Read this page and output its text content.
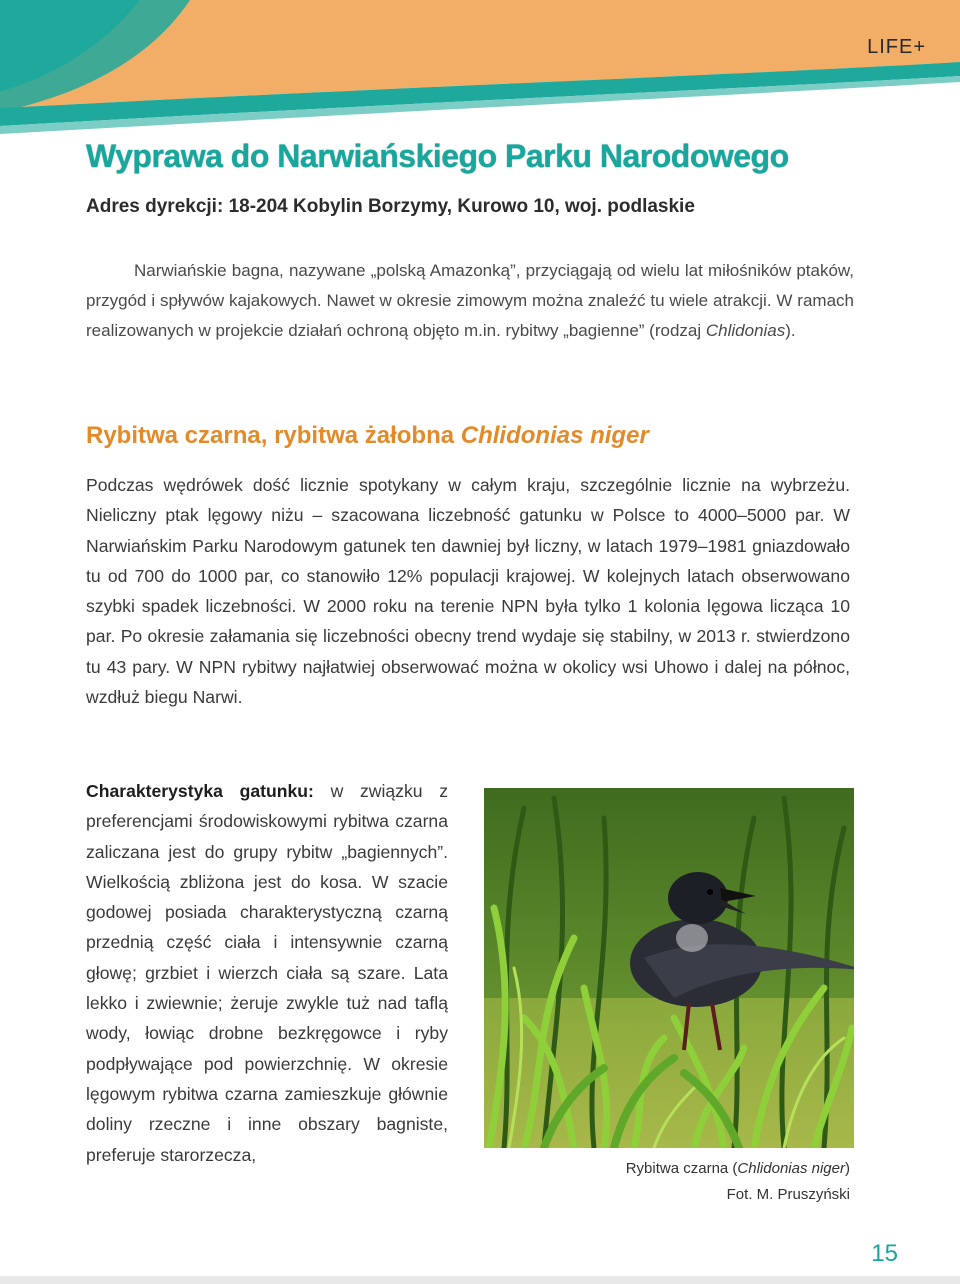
LIFE+
Wyprawa do Narwiańskiego Parku Narodowego
Adres dyrekcji: 18-204 Kobylin Borzymy, Kurowo 10, woj. podlaskie

Narwiańskie bagna, nazywane „polską Amazonką”, przyciągają od wielu lat miłośników ptaków, przygód i spływów kajakowych. Nawet w okresie zimowym można znaleźć tu wiele atrakcji. W ramach realizowanych w projekcie działań ochroną objęto m.in. rybitwy „bagienne” (rodzaj Chlidonias).

Rybitwa czarna, rybitwa żałobna Chlidonias niger

Podczas wędrówek dość licznie spotykany w całym kraju, szczególnie licznie na wybrzeżu. Nieliczny ptak lęgowy niżu – szacowana liczebność gatunku w Polsce to 4000–5000 par. W Narwiańskim Parku Narodowym gatunek ten dawniej był liczny, w latach 1979–1981 gniazdowało tu od 700 do 1000 par, co stanowiło 12% populacji krajowej. W kolejnych latach obserwowano szybki spadek liczebności. W 2000 roku na terenie NPN była tylko 1 kolonia lęgowa licząca 10 par. Po okresie załamania się liczebności obecny trend wydaje się stabilny, w 2013 r. stwierdzono tu 43 pary. W NPN rybitwy najłatwiej obserwować można w okolicy wsi Uhowo i dalej na północ, wzdłuż biegu Narwi.

Charakterystyka gatunku: w związku z preferencjami środowiskowymi rybitwa czarna zaliczana jest do grupy rybitw „bagiennych”. Wielkością zbliżona jest do kosa. W szacie godowej posiada charakterystyczną czarną przednią część ciała i intensywnie czarną głowę; grzbiet i wierzch ciała są szare. Lata lekko i zwiewnie; żeruje zwykle tuż nad taflą wody, łowiąc drobne bezkręgowce i ryby podpływające pod powierzchnię. W okresie lęgowym rybitwa czarna zamieszkuje głównie doliny rzeczne i inne obszary bagniste, preferuje starorzecza,

Rybitwa czarna (Chlidonias niger)
Fot. M. Pruszyński
15
